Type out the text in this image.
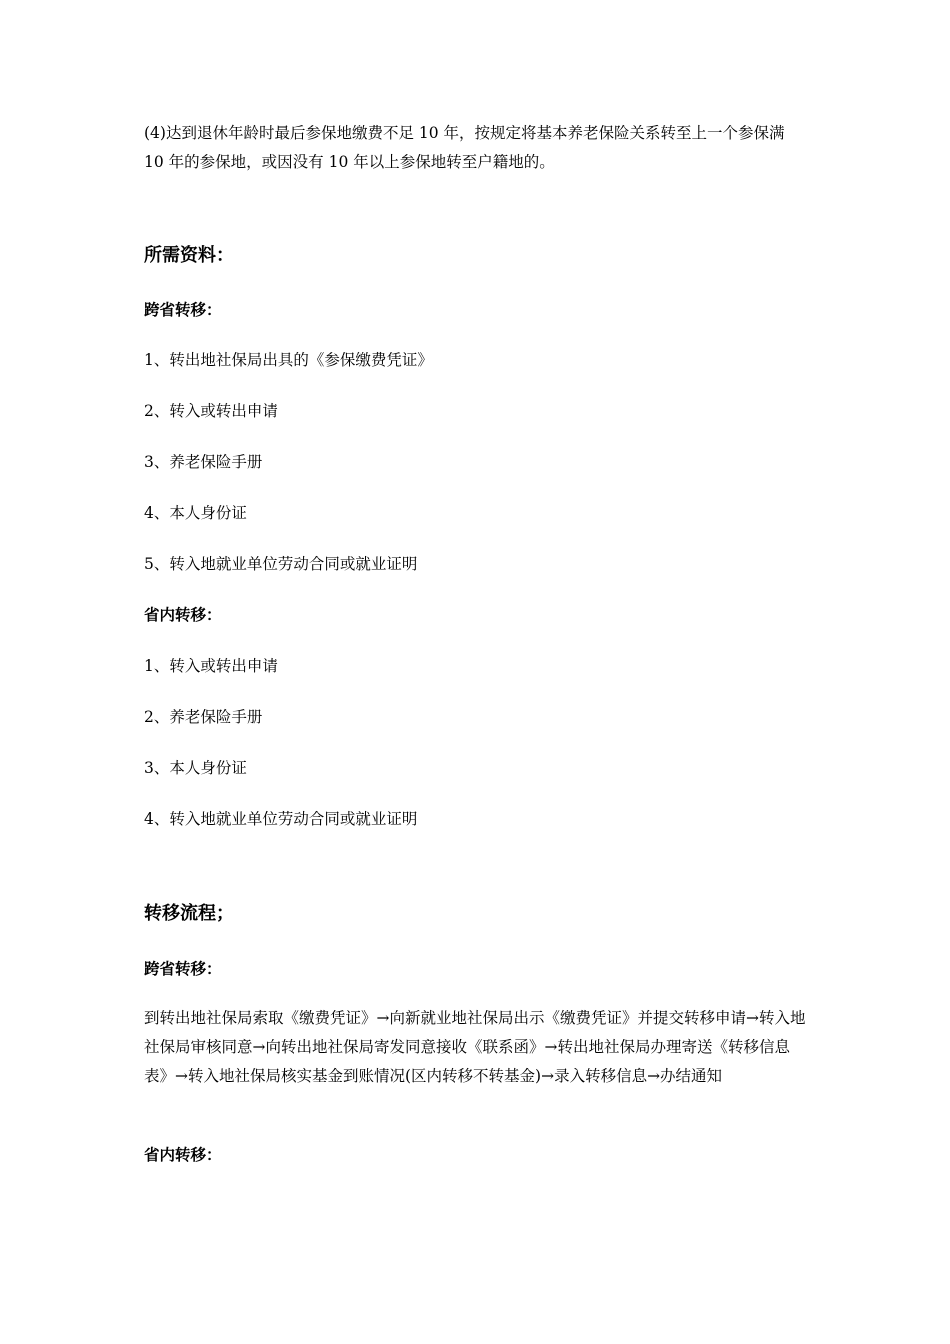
(4)达到退休年龄时最后参保地缴费不足 10 年，按规定将基本养老保险关系转至上一个参保满 10 年的参保地，或因没有 10 年以上参保地转至户籍地的。

所需资料：
跨省转移：

1、转出地社保局出具的《参保缴费凭证》

2、转入或转出申请

3、养老保险手册

4、本人身份证

5、转入地就业单位劳动合同或就业证明

省内转移：

1、转入或转出申请

2、养老保险手册

3、本人身份证

4、转入地就业单位劳动合同或就业证明

转移流程；
跨省转移：

到转出地社保局索取《缴费凭证》→向新就业地社保局出示《缴费凭证》并提交转移申请→转入地社保局审核同意→向转出地社保局寄发同意接收《联系函》→转出地社保局办理寄送《转移信息表》→转入地社保局核实基金到账情况(区内转移不转基金)→录入转移信息→办结通知

省内转移：
